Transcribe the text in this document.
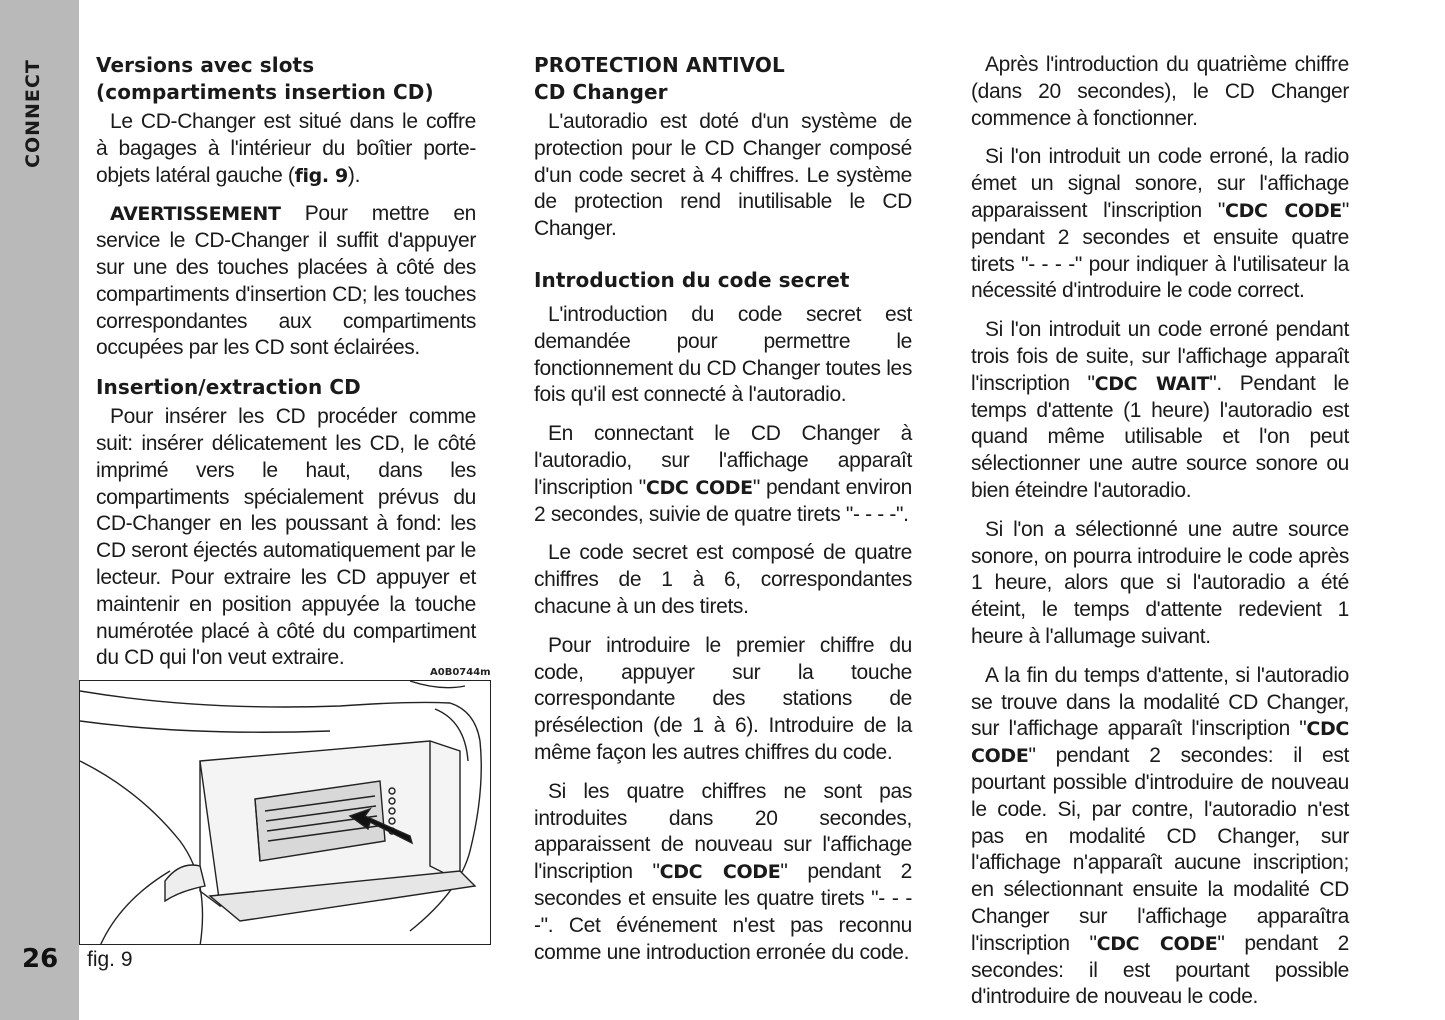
CONNECT
26
Versions avec slots
(compartiments insertion CD)

Le CD-Changer est situé dans le coffre à bagages à l'intérieur du boîtier porte-objets latéral gauche (fig. 9).

AVERTISSEMENT Pour mettre en service le CD-Changer il suffit d'appuyer sur une des touches placées à côté des compartiments d'insertion CD; les touches correspondantes aux compartiments occupées par les CD sont éclairées.

Insertion/extraction CD

Pour insérer les CD procéder comme suit: insérer délicatement les CD, le côté imprimé vers le haut, dans les compartiments spécialement prévus du CD-Changer en les poussant à fond: les CD seront éjectés automatiquement par le lecteur. Pour extraire les CD appuyer et maintenir en position appuyée la touche numérotée placé à côté du compartiment du CD qui l'on veut extraire.

A0B0744m
fig. 9
PROTECTION ANTIVOL
CD Changer

L'autoradio est doté d'un système de protection pour le CD Changer composé d'un code secret à 4 chiffres. Le système de protection rend inutilisable le CD Changer.

Introduction du code secret

L'introduction du code secret est demandée pour permettre le fonctionnement du CD Changer toutes les fois qu'il est connecté à l'autoradio.

En connectant le CD Changer à l'autoradio, sur l'affichage apparaît l'inscription "CDC CODE" pendant environ 2 secondes, suivie de quatre tirets "- - - -".

Le code secret est composé de quatre chiffres de 1 à 6, correspondantes chacune à un des tirets.

Pour introduire le premier chiffre du code, appuyer sur la touche correspondante des stations de présélection (de 1 à 6). Introduire de la même façon les autres chiffres du code.

Si les quatre chiffres ne sont pas introduites dans 20 secondes, apparaissent de nouveau sur l'affichage l'inscription "CDC CODE" pendant 2 secondes et ensuite les quatre tirets "- - - -". Cet événement n'est pas reconnu comme une introduction erronée du code.

Après l'introduction du quatrième chiffre (dans 20 secondes), le CD Changer commence à fonctionner.

Si l'on introduit un code erroné, la radio émet un signal sonore, sur l'affichage apparaissent l'inscription "CDC CODE" pendant 2 secondes et ensuite quatre tirets "- - - -" pour indiquer à l'utilisateur la nécessité d'introduire le code correct.

Si l'on introduit un code erroné pendant trois fois de suite, sur l'affichage apparaît l'inscription "CDC WAIT". Pendant le temps d'attente (1 heure) l'autoradio est quand même utilisable et l'on peut sélectionner une autre source sonore ou bien éteindre l'autoradio.

Si l'on a sélectionné une autre source sonore, on pourra introduire le code après 1 heure, alors que si l'autoradio a été éteint, le temps d'attente redevient 1 heure à l'allumage suivant.

A la fin du temps d'attente, si l'autoradio se trouve dans la modalité CD Changer, sur l'affichage apparaît l'inscription "CDC CODE" pendant 2 secondes: il est pourtant possible d'introduire de nouveau le code. Si, par contre, l'autoradio n'est pas en modalité CD Changer, sur l'affichage n'apparaît aucune inscription; en sélectionnant ensuite la modalité CD Changer sur l'affichage apparaîtra l'inscription "CDC CODE" pendant 2 secondes: il est pourtant possible d'introduire de nouveau le code.
